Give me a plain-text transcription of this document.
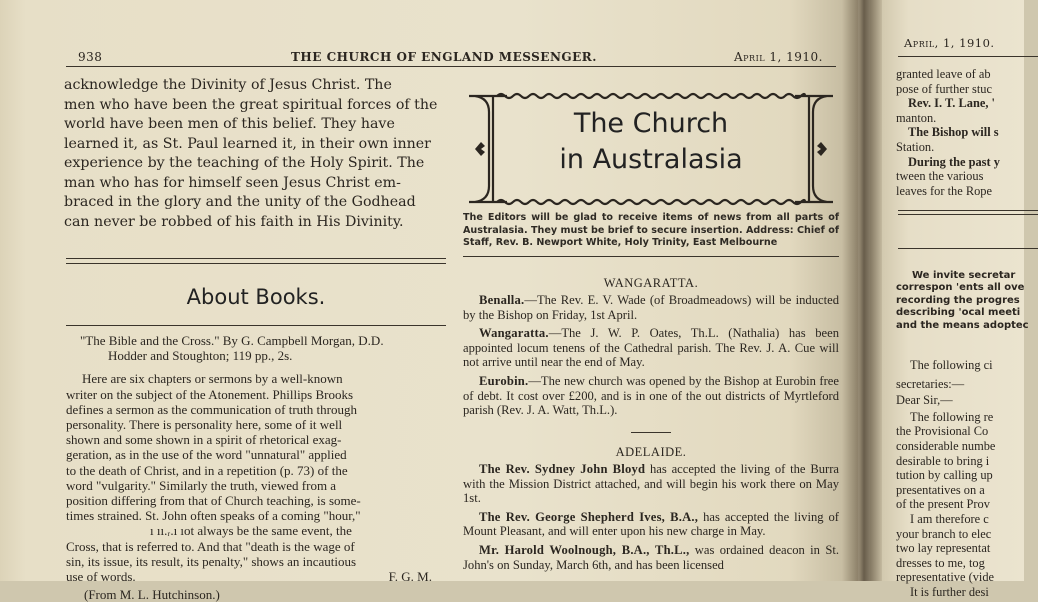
938	THE CHURCH OF ENGLAND MESSENGER.	April 1, 1910.

acknowledge the Divinity of Jesus Christ. The

men who have been the great spiritual forces of the

world have been men of this belief. They have

learned it, as St. Paul learned it, in their own inner

experience by the teaching of the Holy Spirit. The

man who has for himself seen Jesus Christ em-

braced in the glory and the unity of the Godhead

can never be robbed of his faith in His Divinity.

About Books.

"The Bible and the Cross." By G. Campbell Morgan, D.D.
Hodder and Stoughton; 119 pp., 2s.

Here are six chapters or sermons by a well-known

writer on the subject of the Atonement. Phillips Brooks

defines a sermon as the communication of truth through

personality. There is personality here, some of it well

shown and some shown in a spirit of rhetorical exag-

geration, as in the use of the word "unnatural" applied

to the death of Christ, and in a repetition (p. 73) of the

word "vulgarity." Similarly the truth, viewed from a

position differing from that of Church teaching, is some-

times strained. St. John often speaks of a coming "hour,"

ı ıı.ᵣ.ı ıot always be the same event, the

Cross, that is referred to. And that "death is the wage of

sin, its issue, its result, its penalty," shows an incautious

use of words.	F. G. M.

(From M. L. Hutchinson.)

The Church
in Australasia
The Editors will be glad to receive items of news from all parts of Australasia. They must be brief to secure insertion. Address: Chief of Staff, Rev. B. Newport White, Holy Trinity, East Melbourne
WANGARATTA.

Benalla.—The Rev. E. V. Wade (of Broadmeadows) will be inducted by the Bishop on Friday, 1st April.

Wangaratta.—The J. W. P. Oates, Th.L. (Nathalia) has been appointed locum tenens of the Cathedral parish. The Rev. J. A. Cue will not arrive until near the end of May.

Eurobin.—The new church was opened by the Bishop at Eurobin free of debt. It cost over £200, and is in one of the out districts of Myrtleford parish (Rev. J. A. Watt, Th.L.).

ADELAIDE.

The Rev. Sydney John Bloyd has accepted the living of the Burra with the Mission District attached, and will begin his work there on May 1st.

The Rev. George Shepherd Ives, B.A., has accepted the living of Mount Pleasant, and will enter upon his new charge in May.

Mr. Harold Woolnough, B.A., Th.L., was ordained deacon in St. John's on Sunday, March 6th, and has been licensed

April, 1, 1910.

granted leave of ab

pose of further stuc

Rev. I. T. Lane, '

manton.

The Bishop will s

Station.

During the past y

tween the various

leaves for the Rope

We invite secretar

correspon 'ents all ove

recording the progres

describing 'ocal meeti

and the means adoptec

The following ci

secretaries:—

Dear Sir,—

The following re

the Provisional Co

considerable numbe

desirable to bring i

tution by calling up

presentatives on a

of the present Prov

I am therefore c

your branch to elec

two lay representat

dresses to me, tog

representative (vide

It is further desi
